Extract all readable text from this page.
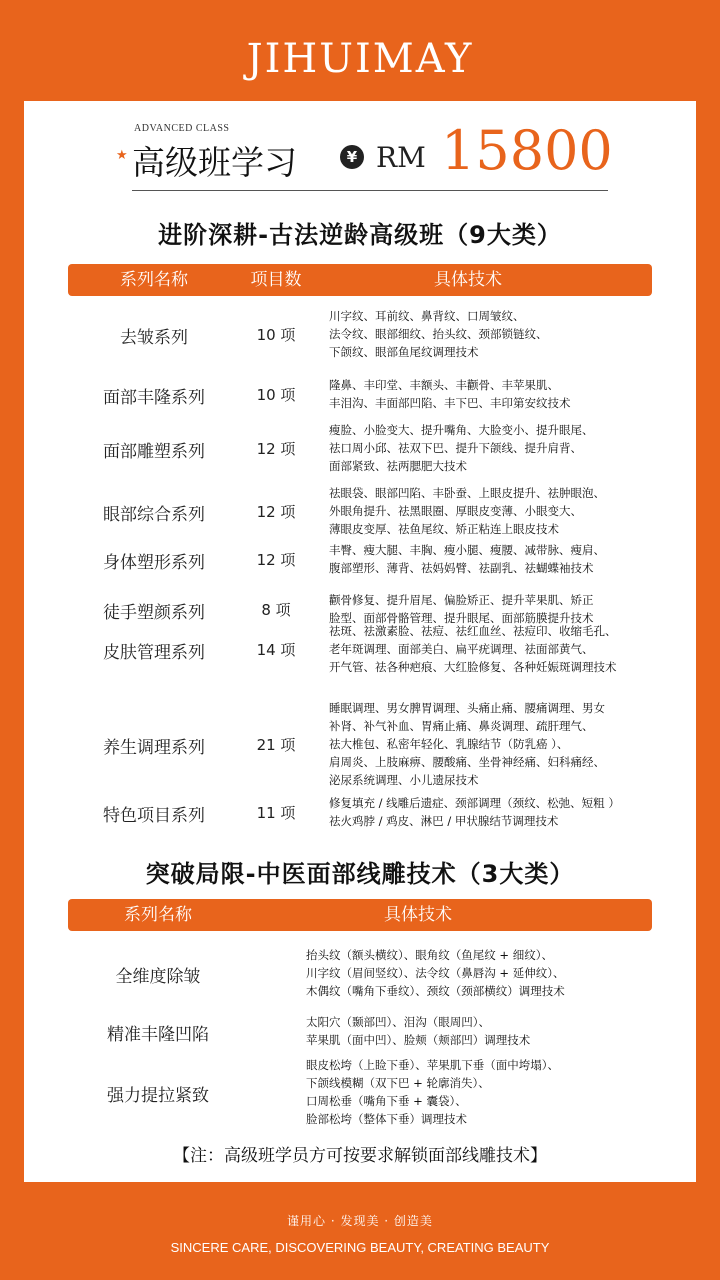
JIHUIMAY
ADVANCED CLASS
★ 高级班学习	¥ RM 15800
进阶深耕-古法逆龄高级班（9大类）
系列名称	项目数	具体技术
去皱系列	10 项
川字纹、耳前纹、鼻背纹、口周皱纹、
法令纹、眼部细纹、抬头纹、颈部锁链纹、
下颌纹、眼部鱼尾纹调理技术
面部丰隆系列	10 项
隆鼻、丰印堂、丰额头、丰颧骨、丰苹果肌、
丰泪沟、丰面部凹陷、丰下巴、丰印第安纹技术
面部雕塑系列	12 项
瘦脸、小脸变大、提升嘴角、大脸变小、提升眼尾、
祛口周小邱、祛双下巴、提升下颌线、提升肩背、
面部紧致、祛两腮肥大技术
眼部综合系列	12 项
祛眼袋、眼部凹陷、丰卧蚕、上眼皮提升、祛肿眼泡、
外眼角提升、祛黑眼圈、厚眼皮变薄、小眼变大、
薄眼皮变厚、祛鱼尾纹、矫正粘连上眼皮技术
身体塑形系列	12 项
丰臀、瘦大腿、丰胸、瘦小腿、瘦腰、减带脉、瘦肩、
腹部塑形、薄背、祛妈妈臂、祛副乳、祛蝴蝶袖技术
徒手塑颜系列	8 项
颧骨修复、提升眉尾、偏脸矫正、提升苹果肌、矫正
脸型、面部骨骼管理、提升眼尾、面部筋膜提升技术
皮肤管理系列	14 项
祛斑、祛激素脸、祛痘、祛红血丝、祛痘印、收缩毛孔、
老年斑调理、面部美白、扁平疣调理、祛面部黄气、
开气管、祛各种疤痕、大红脸修复、各种妊娠斑调理技术
养生调理系列	21 项
睡眠调理、男女脾胃调理、头痛止痛、腰痛调理、男女
补肾、补气补血、胃痛止痛、鼻炎调理、疏肝理气、
祛大椎包、私密年轻化、乳腺结节（防乳癌 ）、
肩周炎、上肢麻痹、腰酸痛、坐骨神经痛、妇科痛经、
泌尿系统调理、小儿遗尿技术
特色项目系列	11 项
修复填充 / 线雕后遗症、颈部调理（颈纹、松弛、短粗 ）
祛火鸡脖 / 鸡皮、淋巴 / 甲状腺结节调理技术
突破局限-中医面部线雕技术（3大类）
系列名称	具体技术
全维度除皱
抬头纹（额头横纹）、眼角纹（鱼尾纹 + 细纹）、
川字纹（眉间竖纹）、法令纹（鼻唇沟 + 延伸纹）、
木偶纹（嘴角下垂纹）、颈纹（颈部横纹）调理技术
精准丰隆凹陷
太阳穴（颞部凹）、泪沟（眼周凹）、
苹果肌（面中凹）、脸颊（颊部凹）调理技术
强力提拉紧致
眼皮松垮（上睑下垂）、苹果肌下垂（面中垮塌）、
下颌线模糊（双下巴 + 轮廓消失）、
口周松垂（嘴角下垂 + 囊袋）、
脸部松垮（整体下垂）调理技术
【注：高级班学员方可按要求解锁面部线雕技术】
谨用心 · 发现美 · 创造美
SINCERE CARE, DISCOVERING BEAUTY, CREATING BEAUTY
